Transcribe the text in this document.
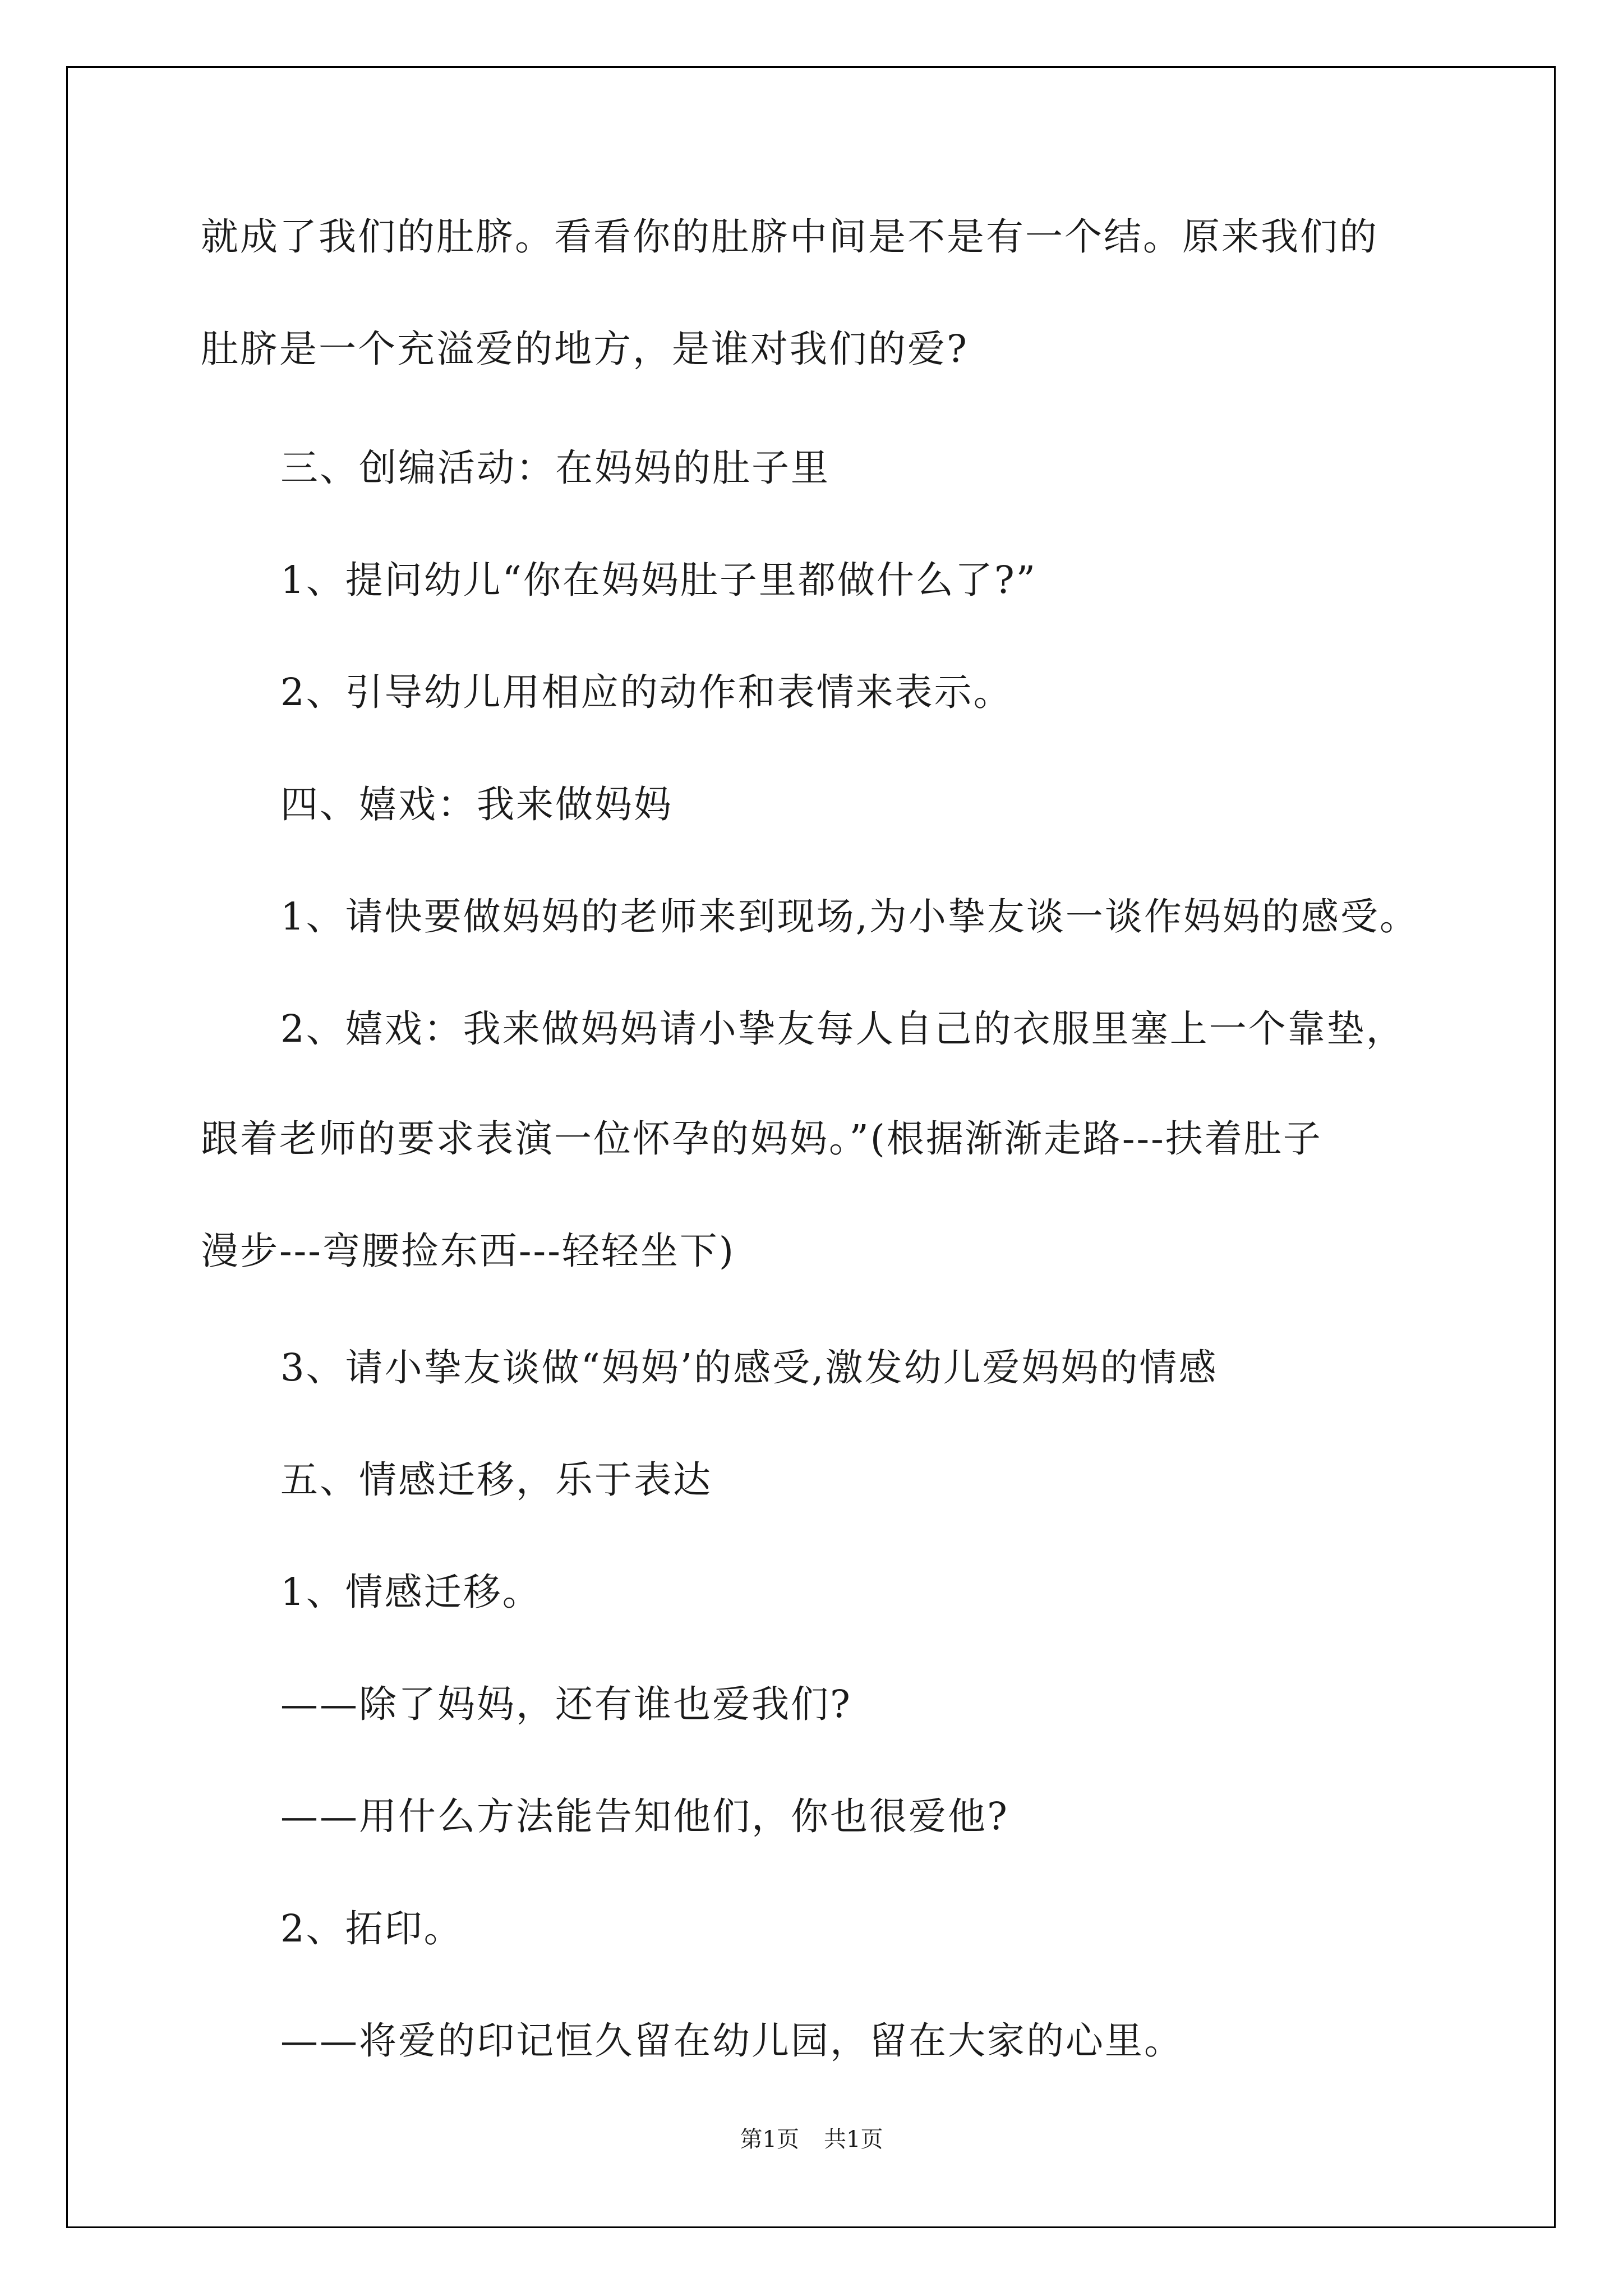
就成了我们的肚脐。看看你的肚脐中间是不是有一个结。原来我们的
肚脐是一个充溢爱的地方，是谁对我们的爱?
三、创编活动：在妈妈的肚子里
1、提问幼儿“你在妈妈肚子里都做什么了?”
2、引导幼儿用相应的动作和表情来表示。
四、嬉戏：我来做妈妈
1、请快要做妈妈的老师来到现场,为小挚友谈一谈作妈妈的感受。
2、嬉戏：我来做妈妈请小挚友每人自己的衣服里塞上一个靠垫，
跟着老师的要求表演一位怀孕的妈妈。”(根据渐渐走路---扶着肚子
漫步---弯腰捡东西---轻轻坐下)
3、请小挚友谈做“妈妈’的感受,激发幼儿爱妈妈的情感
五、情感迁移，乐于表达
1、情感迁移。
——除了妈妈，还有谁也爱我们?
——用什么方法能告知他们，你也很爱他?
2、拓印。
——将爱的印记恒久留在幼儿园，留在大家的心里。
第1页 共1页
